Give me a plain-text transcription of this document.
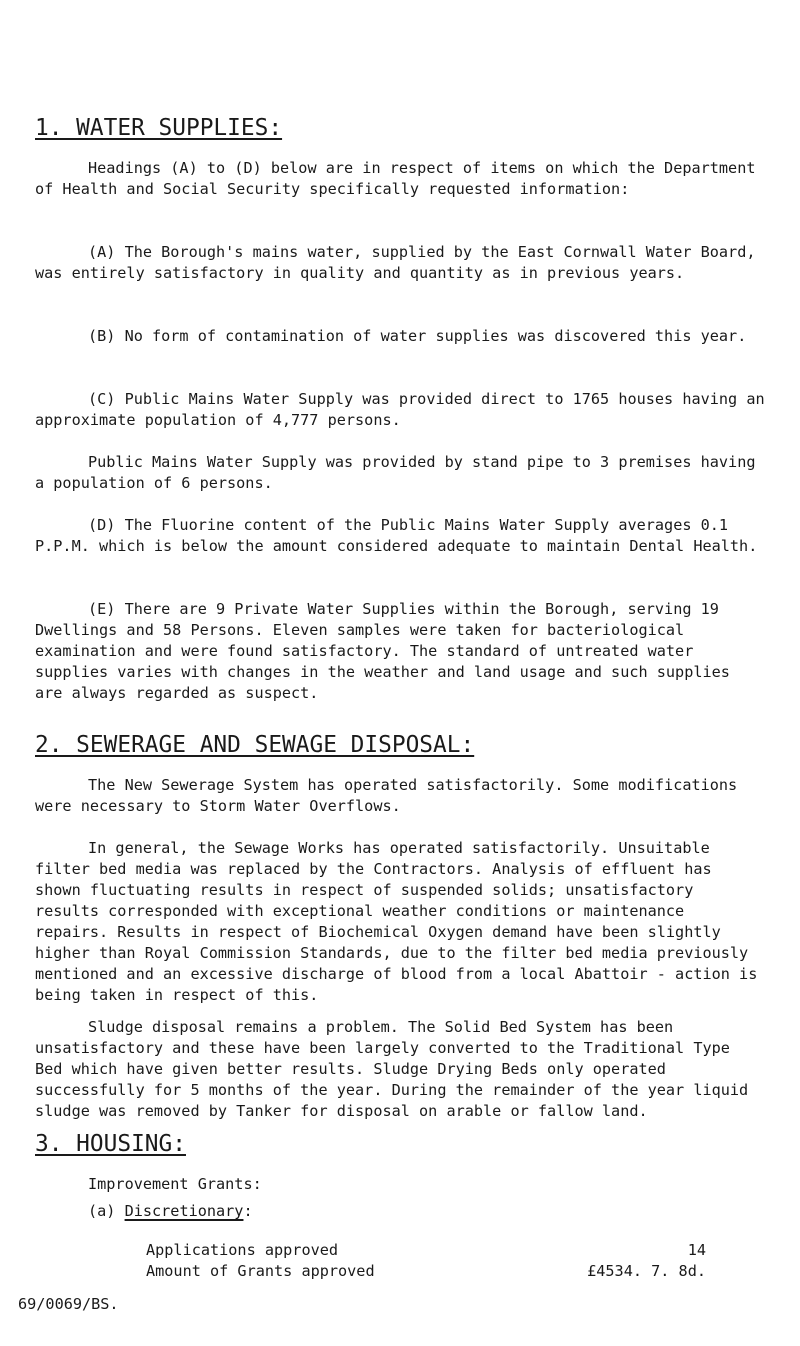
1. WATER SUPPLIES:

Headings (A) to (D) below are in respect of items on which the Department of Health and Social Security specifically requested information:

(A) The Borough's mains water, supplied by the East Cornwall Water Board, was entirely satisfactory in quality and quantity as in previous years.

(B) No form of contamination of water supplies was discovered this year.

(C) Public Mains Water Supply was provided direct to 1765 houses having an approximate population of 4,777 persons.

Public Mains Water Supply was provided by stand pipe to 3 premises having a population of 6 persons.

(D) The Fluorine content of the Public Mains Water Supply averages 0.1 P.P.M. which is below the amount considered adequate to maintain Dental Health.

(E) There are 9 Private Water Supplies within the Borough, serving 19 Dwellings and 58 Persons. Eleven samples were taken for bacteriological examination and were found satisfactory. The standard of untreated water supplies varies with changes in the weather and land usage and such supplies are always regarded as suspect.

2. SEWERAGE AND SEWAGE DISPOSAL:

The New Sewerage System has operated satisfactorily. Some modifications were necessary to Storm Water Overflows.

In general, the Sewage Works has operated satisfactorily. Unsuitable filter bed media was replaced by the Contractors. Analysis of effluent has shown fluctuating results in respect of suspended solids; unsatisfactory results corresponded with exceptional weather conditions or maintenance repairs. Results in respect of Biochemical Oxygen demand have been slightly higher than Royal Commission Standards, due to the filter bed media previously mentioned and an excessive discharge of blood from a local Abattoir - action is being taken in respect of this.

Sludge disposal remains a problem. The Solid Bed System has been unsatisfactory and these have been largely converted to the Traditional Type Bed which have given better results. Sludge Drying Beds only operated successfully for 5 months of the year. During the remainder of the year liquid sludge was removed by Tanker for disposal on arable or fallow land.

3. HOUSING:

Improvement Grants:

(a) Discretionary:

Applications approved	14
Amount of Grants approved	£4534. 7. 8d.

69/0069/BS.
